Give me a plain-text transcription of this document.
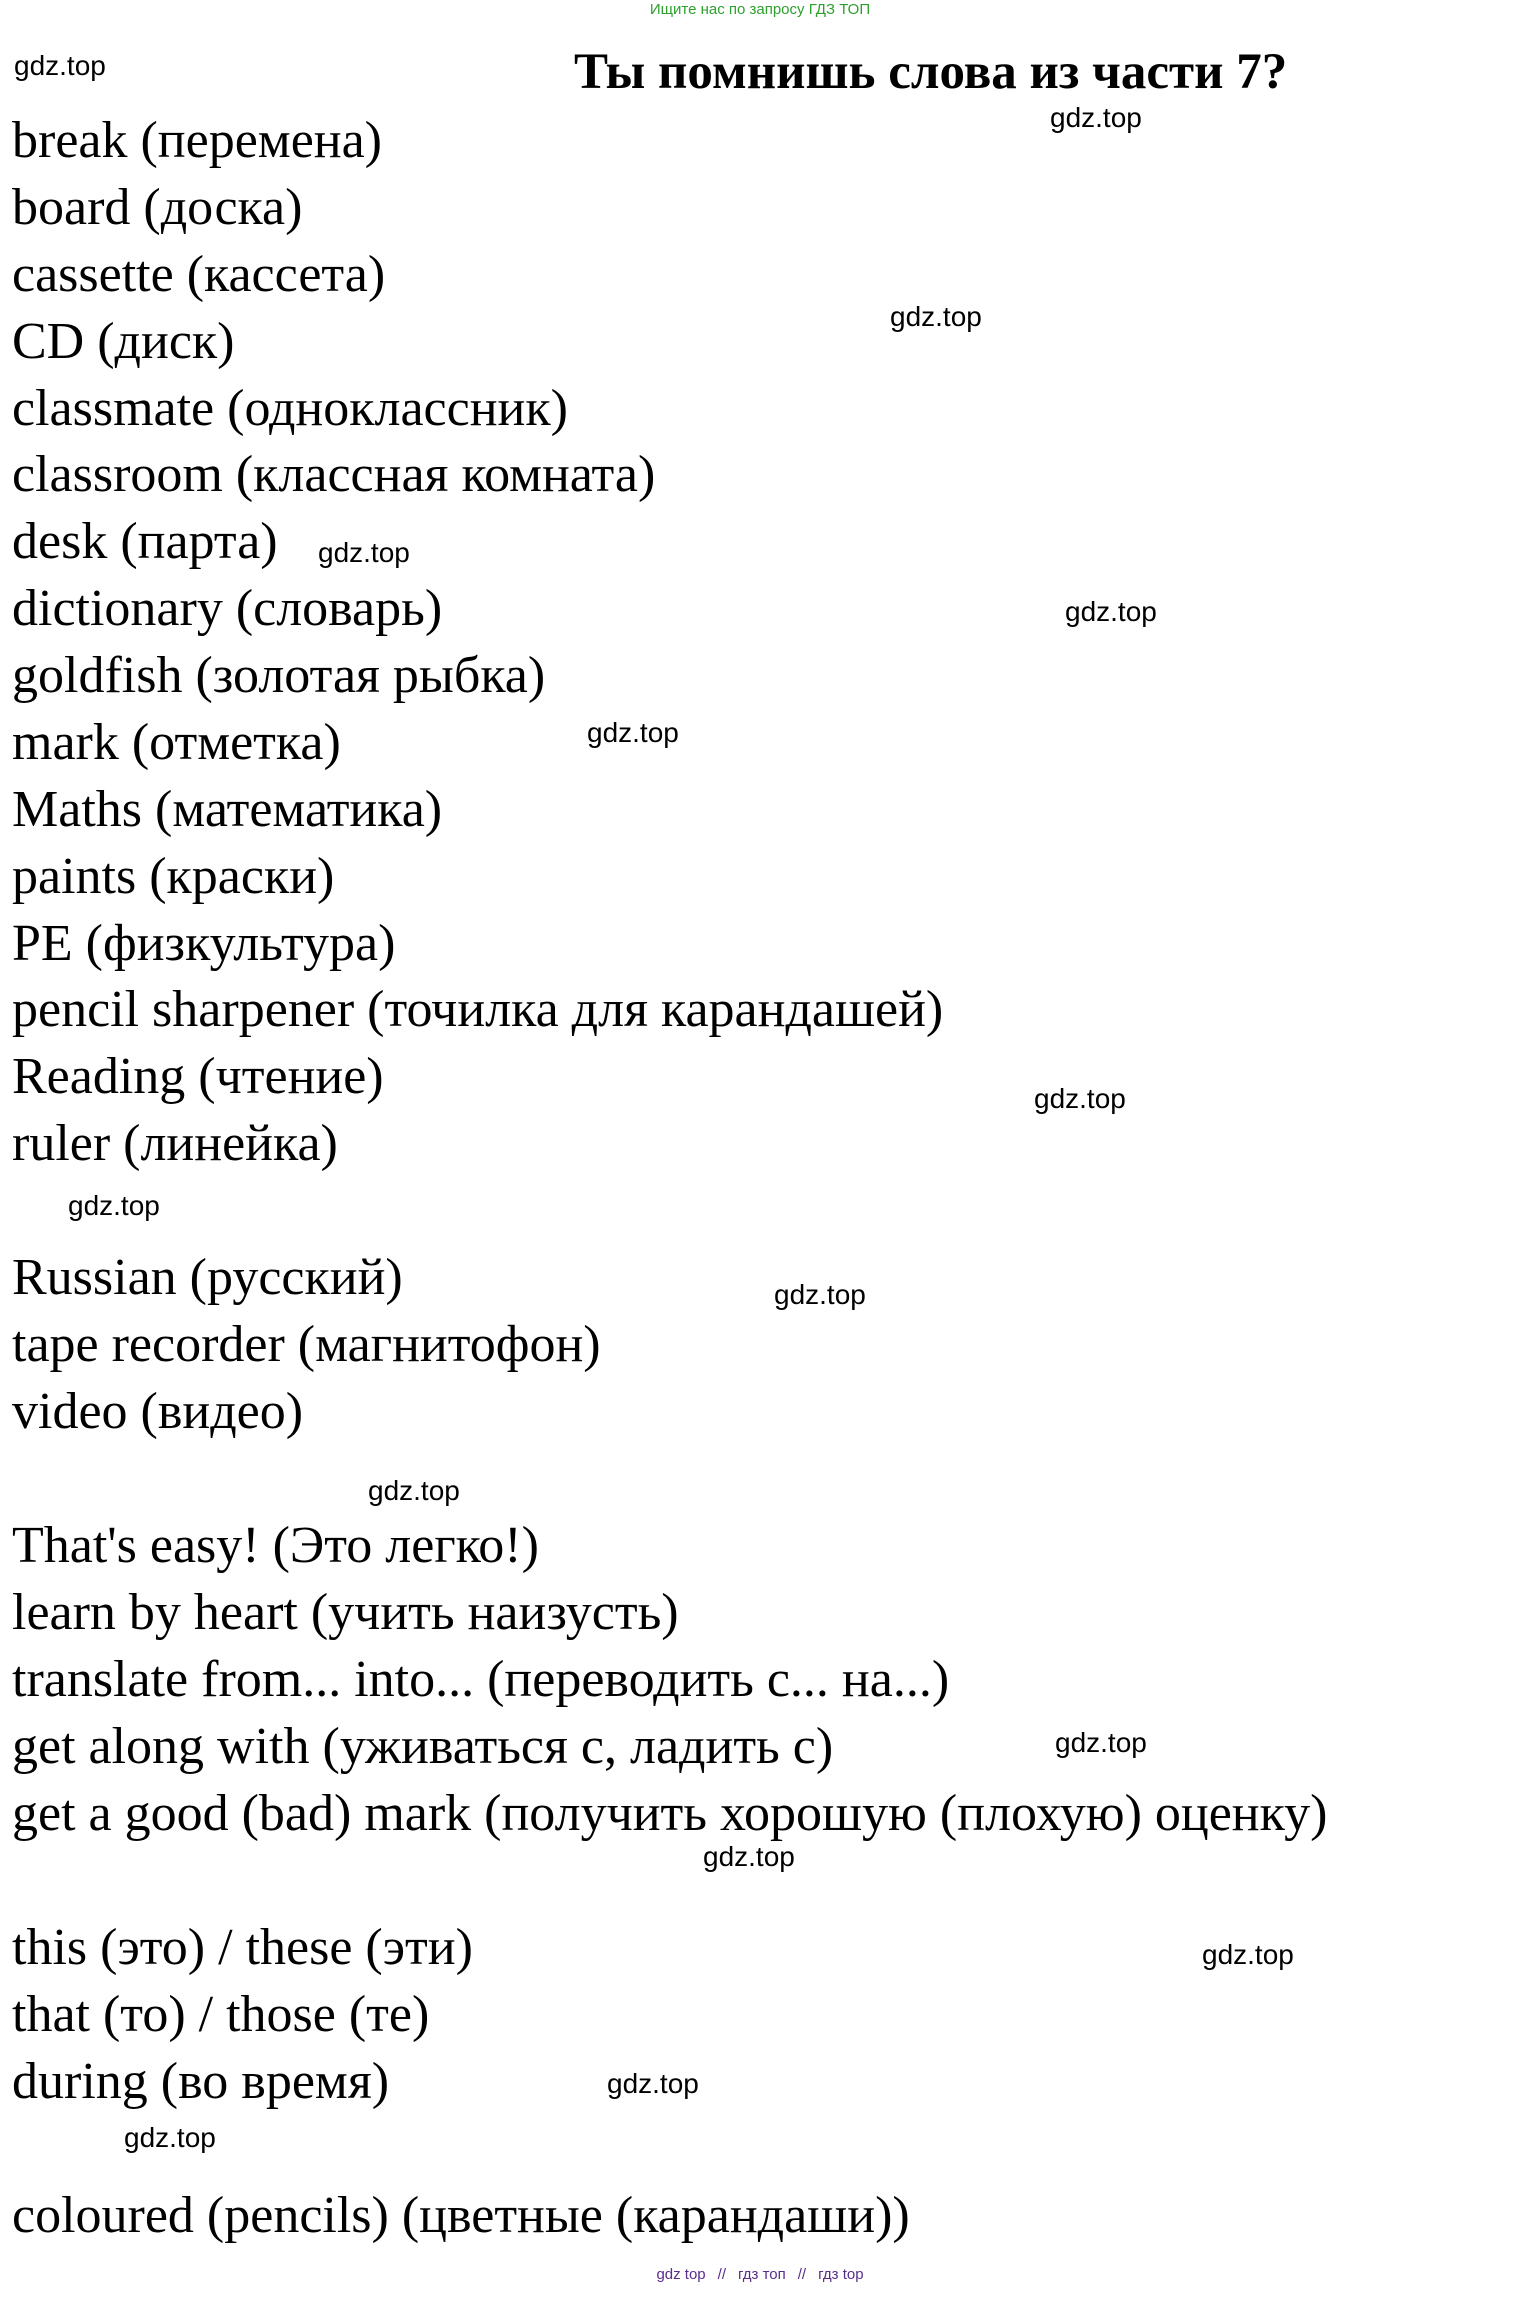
Ищите нас по запросу ГДЗ ТОП
gdz.top	Ты помнишь слова из части 7?
gdz.top
gdz.top
gdz.top
gdz.top
gdz.top
gdz.top
gdz.top
gdz.top
gdz.top
gdz.top
gdz.top
gdz.top
gdz.top
gdz.top
break (перемена)
board (доска)
cassette (кассета)
CD (диск)
classmate (одноклассник)
classroom (классная комната)
desk (парта)
dictionary (словарь)
goldfish (золотая рыбка)
mark (отметка)
Maths (математика)
paints (краски)
PE (физкультура)
pencil sharpener (точилка для карандашей)
Reading (чтение)
ruler (линейка)
Russian (русский)
tape recorder (магнитофон)
video (видео)
That's easy! (Это легко!)
learn by heart (учить наизусть)
translate from... into... (переводить с... на...)
get along with (уживаться с, ладить с)
get a good (bad) mark (получить хорошую (плохую) оценку)
this (это) / these (эти)
that (то) / those (те)
during (во время)
coloured (pencils) (цветные (карандаши))
gdz top // гдз топ // гдз top
